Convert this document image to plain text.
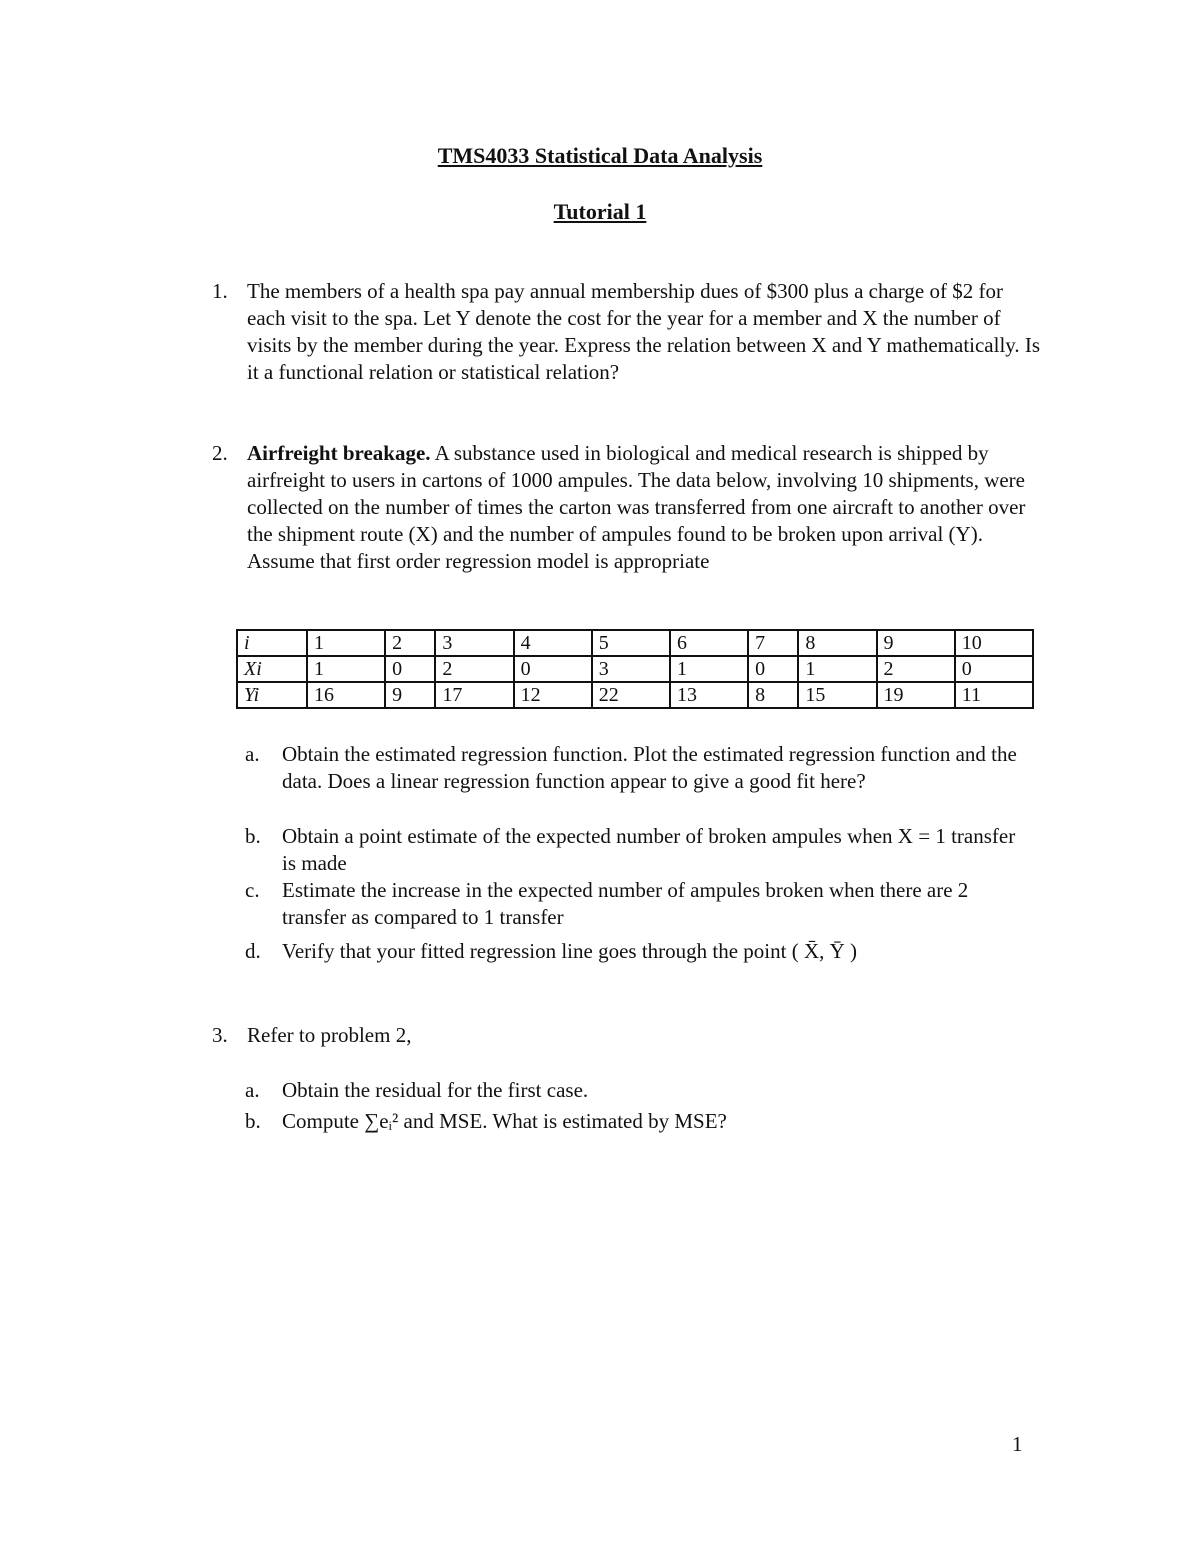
TMS4033 Statistical Data Analysis
Tutorial 1
1. The members of a health spa pay annual membership dues of $300 plus a charge of $2 for each visit to the spa. Let Y denote the cost for the year for a member and X the number of visits by the member during the year. Express the relation between X and Y mathematically. Is it a functional relation or statistical relation?
2. Airfreight breakage. A substance used in biological and medical research is shipped by airfreight to users in cartons of 1000 ampules. The data below, involving 10 shipments, were collected on the number of times the carton was transferred from one aircraft to another over the shipment route (X) and the number of ampules found to be broken upon arrival (Y). Assume that first order regression model is appropriate
i	1	2	3	4	5	6	7	8	9	10
Xi	1	0	2	0	3	1	0	1	2	0
Yi	16	9	17	12	22	13	8	15	19	11
a.	Obtain the estimated regression function. Plot the estimated regression function and the data. Does a linear regression function appear to give a good fit here?
b.	Obtain a point estimate of the expected number of broken ampules when X = 1 transfer is made
c.	Estimate the increase in the expected number of ampules broken when there are 2 transfer as compared to 1 transfer
d.	Verify that your fitted regression line goes through the point ( X̄, Ȳ )
3. Refer to problem 2,
a.	Obtain the residual for the first case.
b.	Compute ∑eᵢ² and MSE. What is estimated by MSE?
1
